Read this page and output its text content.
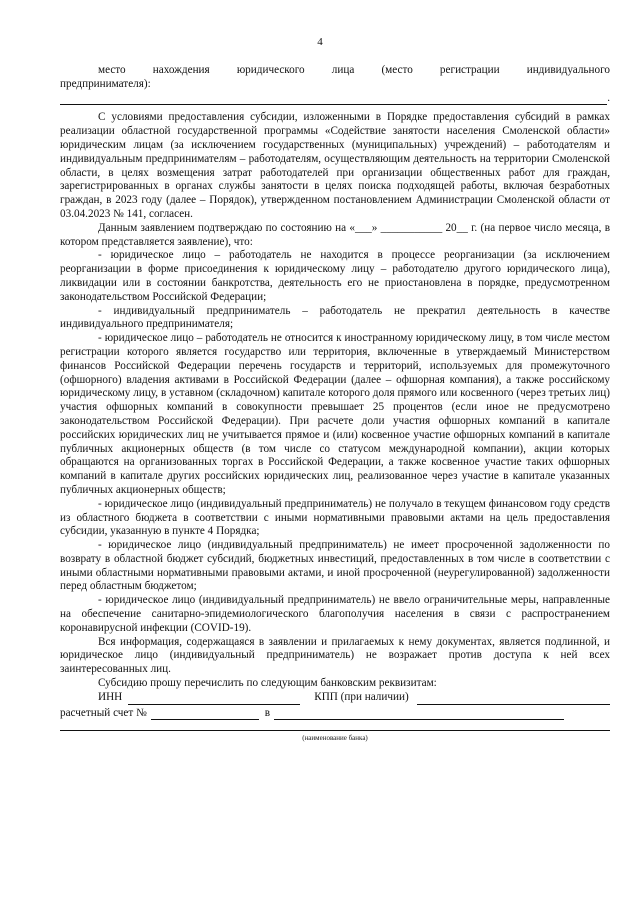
4
место нахождения юридического лица (место регистрации индивидуального
предпринимателя):
.

С условиями предоставления субсидии, изложенными в Порядке предоставления субсидий в рамках реализации областной государственной программы «Содействие занятости населения Смоленской области» юридическим лицам (за исключением государственных (муниципальных) учреждений) – работодателям и индивидуальным предпринимателям – работодателям, осуществляющим деятельность на территории Смоленской области, в целях возмещения затрат работодателей при организации общественных работ для граждан, зарегистрированных в органах службы занятости в целях поиска подходящей работы, включая безработных граждан, в 2023 году (далее – Порядок), утвержденном постановлением Администрации Смоленской области от 03.04.2023 № 141, согласен.

Данным заявлением подтверждаю по состоянию на «___» ___________ 20__ г. (на первое число месяца, в котором представляется заявление), что:

- юридическое лицо – работодатель не находится в процессе реорганизации (за исключением реорганизации в форме присоединения к юридическому лицу – работодателю другого юридического лица), ликвидации или в состоянии банкротства, деятельность его не приостановлена в порядке, предусмотренном законодательством Российской Федерации;

- индивидуальный предприниматель – работодатель не прекратил деятельность в качестве индивидуального предпринимателя;

- юридическое лицо – работодатель не относится к иностранному юридическому лицу, в том числе местом регистрации которого является государство или территория, включенные в утверждаемый Министерством финансов Российской Федерации перечень государств и территорий, используемых для промежуточного (офшорного) владения активами в Российской Федерации (далее – офшорная компания), а также российскому юридическому лицу, в уставном (складочном) капитале которого доля прямого или косвенного (через третьих лиц) участия офшорных компаний в совокупности превышает 25 процентов (если иное не предусмотрено законодательством Российской Федерации). При расчете доли участия офшорных компаний в капитале российских юридических лиц не учитывается прямое и (или) косвенное участие офшорных компаний в капитале публичных акционерных обществ (в том числе со статусом международной компании), акции которых обращаются на организованных торгах в Российской Федерации, а также косвенное участие таких офшорных компаний в капитале других российских юридических лиц, реализованное через участие в капитале указанных публичных акционерных обществ;

- юридическое лицо (индивидуальный предприниматель) не получало в текущем финансовом году средств из областного бюджета в соответствии с иными нормативными правовыми актами на цель предоставления субсидии, указанную в пункте 4 Порядка;

- юридическое лицо (индивидуальный предприниматель) не имеет просроченной задолженности по возврату в областной бюджет субсидий, бюджетных инвестиций, предоставленных в том числе в соответствии с иными областными нормативными правовыми актами, и иной просроченной (неурегулированной) задолженности перед областным бюджетом;

- юридическое лицо (индивидуальный предприниматель) не ввело ограничительные меры, направленные на обеспечение санитарно-эпидемиологического благополучия населения в связи с распространением коронавирусной инфекции (COVID-19).

Вся информация, содержащаяся в заявлении и прилагаемых к нему документах, является подлинной, и юридическое лицо (индивидуальный предприниматель) не возражает против доступа к ней всех заинтересованных лиц.

Субсидию прошу перечислить по следующим банковским реквизитам:

ИНН	КПП (при наличии)
расчетный счет №	в
(наименование банка)
